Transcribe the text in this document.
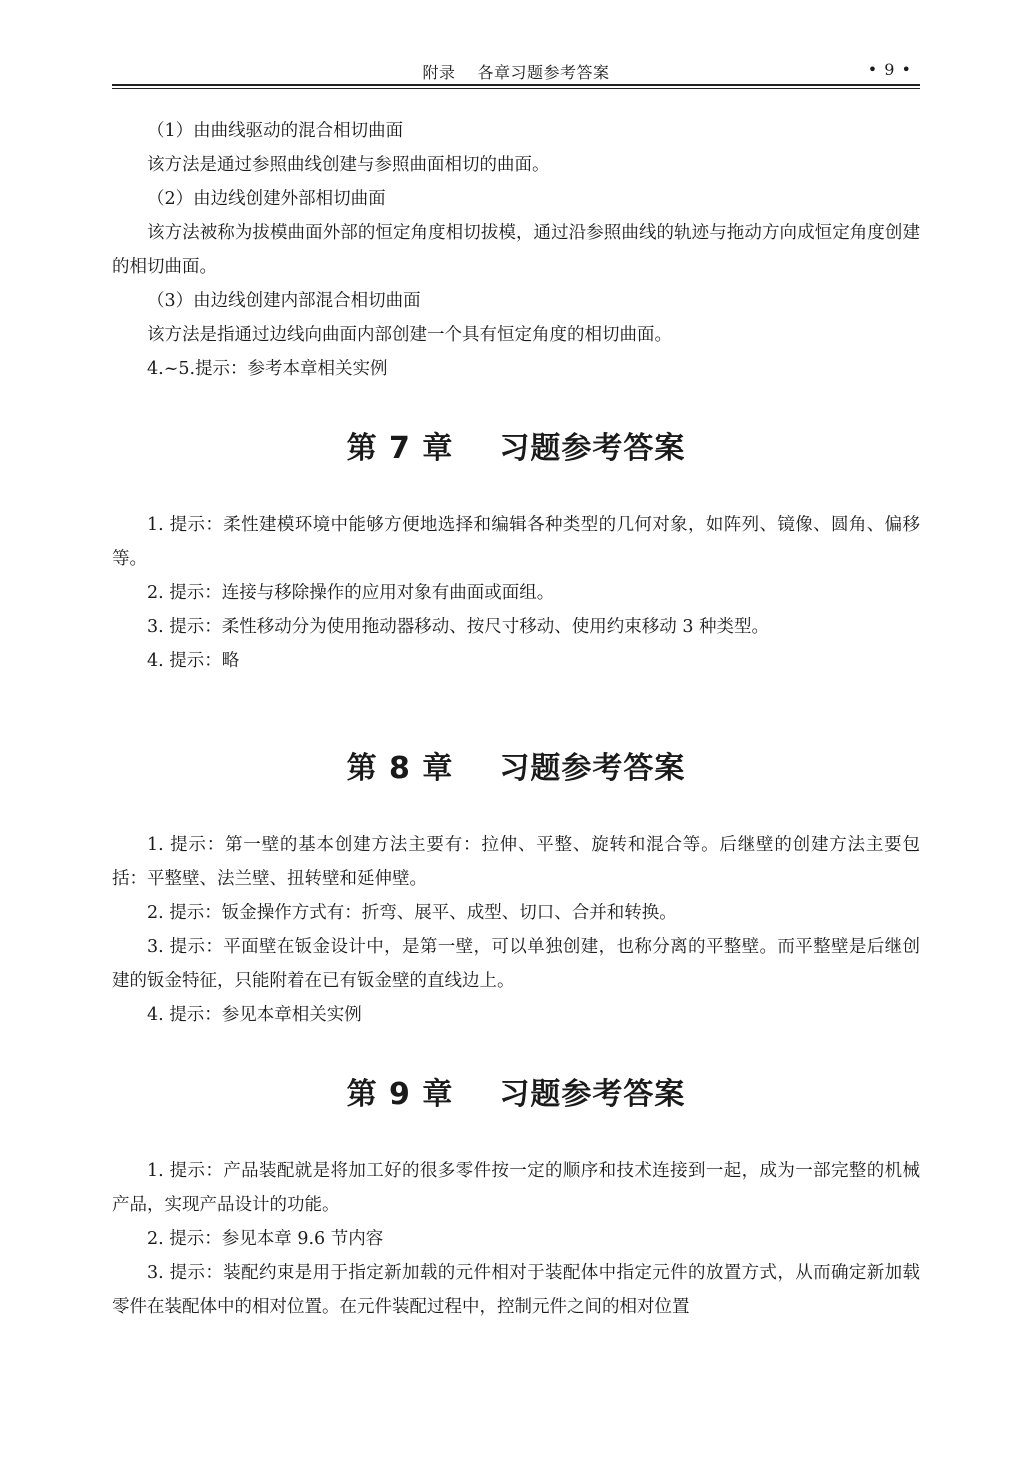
附录　 各章习题参考答案	• 9 •

（1）由曲线驱动的混合相切曲面

该方法是通过参照曲线创建与参照曲面相切的曲面。

（2）由边线创建外部相切曲面

该方法被称为拔模曲面外部的恒定角度相切拔模，通过沿参照曲线的轨迹与拖动方向成恒定角度创建的相切曲面。

（3）由边线创建内部混合相切曲面

该方法是指通过边线向曲面内部创建一个具有恒定角度的相切曲面。

4.~5.提示：参考本章相关实例

第 7 章 习题参考答案

1. 提示：柔性建模环境中能够方便地选择和编辑各种类型的几何对象，如阵列、镜像、圆角、偏移等。

2. 提示：连接与移除操作的应用对象有曲面或面组。

3. 提示：柔性移动分为使用拖动器移动、按尺寸移动、使用约束移动 3 种类型。

4. 提示：略

第 8 章 习题参考答案

1. 提示：第一壁的基本创建方法主要有：拉伸、平整、旋转和混合等。后继壁的创建方法主要包括：平整壁、法兰壁、扭转壁和延伸壁。

2. 提示：钣金操作方式有：折弯、展平、成型、切口、合并和转换。

3. 提示：平面壁在钣金设计中，是第一壁，可以单独创建，也称分离的平整壁。而平整壁是后继创建的钣金特征，只能附着在已有钣金壁的直线边上。

4. 提示：参见本章相关实例

第 9 章 习题参考答案

1. 提示：产品装配就是将加工好的很多零件按一定的顺序和技术连接到一起，成为一部完整的机械产品，实现产品设计的功能。

2. 提示：参见本章 9.6 节内容

3. 提示：装配约束是用于指定新加载的元件相对于装配体中指定元件的放置方式，从而确定新加载零件在装配体中的相对位置。在元件装配过程中，控制元件之间的相对位置
